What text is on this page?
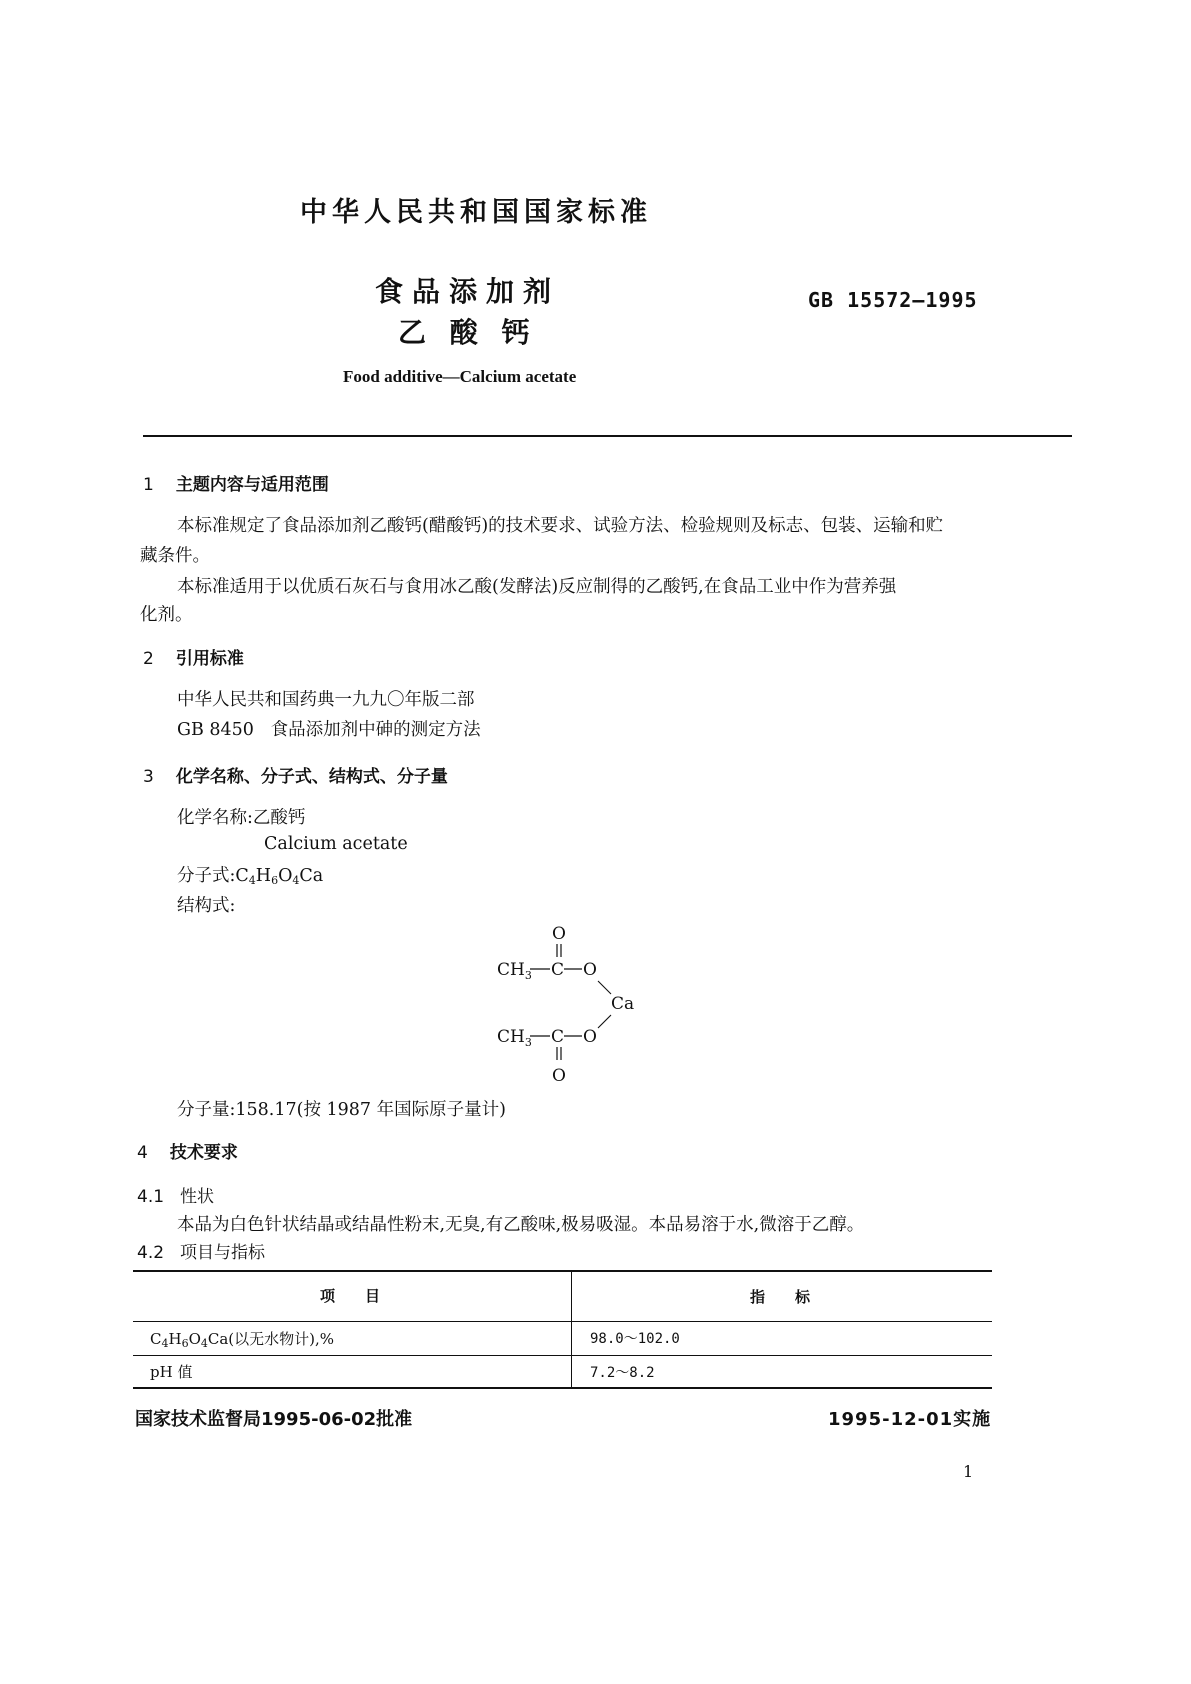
中华人民共和国国家标准
食品添加剂
乙 酸 钙
GB 15572—1995
Food additive—Calcium acetate
1 主题内容与适用范围
本标准规定了食品添加剂乙酸钙(醋酸钙)的技术要求、试验方法、检验规则及标志、包装、运输和贮
藏条件。
本标准适用于以优质石灰石与食用冰乙酸(发酵法)反应制得的乙酸钙,在食品工业中作为营养强
化剂。
2 引用标准
中华人民共和国药典一九九〇年版二部
GB 8450   食品添加剂中砷的测定方法
3 化学名称、分子式、结构式、分子量
化学名称:乙酸钙
Calcium acetate
分子式$:C_4H_6O_4Ca$
结构式:
O
$CH_3$ C O
Ca
$CH_3$ C O
O
分子量:158.17(按 1987 年国际原子量计)
4 技术要求
4.1 性状
本品为白色针状结晶或结晶性粉末,无臭,有乙酸味,极易吸湿。本品易溶于水,微溶于乙醇。
4.2 项目与指标
项　　目	指　　标
$C_4H_6O_4Ca$(以无水物计),%	98.0～102.0
pH 值	7.2～8.2
国家技术监督局1995-06-02批准	1995-12-01实施
1
